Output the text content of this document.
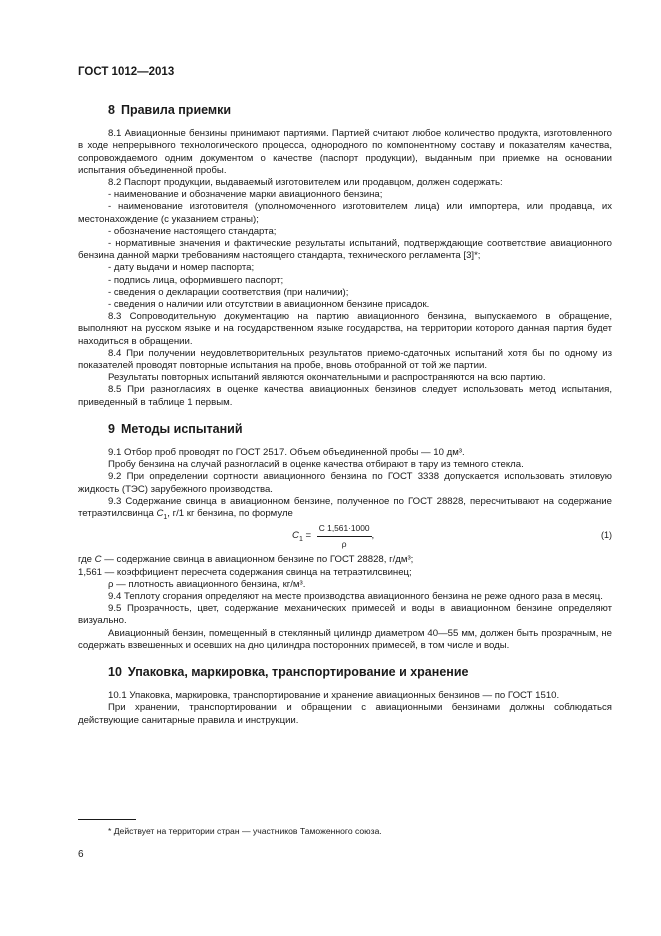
ГОСТ 1012—2013
8 Правила приемки

8.1 Авиационные бензины принимают партиями. Партией считают любое количество продукта, изготовленного в ходе непрерывного технологического процесса, однородного по компонентному составу и показателям качества, сопровождаемого одним документом о качестве (паспорт продукции), выданным при приемке на основании испытания объединенной пробы.

8.2 Паспорт продукции, выдаваемый изготовителем или продавцом, должен содержать:

- наименование и обозначение марки авиационного бензина;

- наименование изготовителя (уполномоченного изготовителем лица) или импортера, или продавца, их местонахождение (с указанием страны);

- обозначение настоящего стандарта;

- нормативные значения и фактические результаты испытаний, подтверждающие соответствие авиационного бензина данной марки требованиям настоящего стандарта, технического регламента [3]*;

- дату выдачи и номер паспорта;

- подпись лица, оформившего паспорт;

- сведения о декларации соответствия (при наличии);

- сведения о наличии или отсутствии в авиационном бензине присадок.

8.3 Сопроводительную документацию на партию авиационного бензина, выпускаемого в обращение, выполняют на русском языке и на государственном языке государства, на территории которого данная партия будет находиться в обращении.

8.4 При получении неудовлетворительных результатов приемо-сдаточных испытаний хотя бы по одному из показателей проводят повторные испытания на пробе, вновь отобранной от той же партии.

Результаты повторных испытаний являются окончательными и распространяются на всю партию.

8.5 При разногласиях в оценке качества авиационных бензинов следует использовать метод испытания, приведенный в таблице 1 первым.

9 Методы испытаний

9.1 Отбор проб проводят по ГОСТ 2517. Объем объединенной пробы — 10 дм³.

Пробу бензина на случай разногласий в оценке качества отбирают в тару из темного стекла.

9.2 При определении сортности авиационного бензина по ГОСТ 3338 допускается использовать этиловую жидкость (ТЭС) зарубежного производства.

9.3 Содержание свинца в авиационном бензине, полученное по ГОСТ 28828, пересчитывают на содержание тетраэтилсвинца $C_1$, г/1 кг бензина, по формуле

$C_1 = \frac{C 1,561\cdot 1000}{\rho}$ ,	(1)

где C — содержание свинца в авиационном бензине по ГОСТ 28828, г/дм³;

1,561 — коэффициент пересчета содержания свинца на тетраэтилсвинец;

ρ — плотность авиационного бензина, кг/м³.

9.4 Теплоту сгорания определяют на месте производства авиационного бензина не реже одного раза в месяц.

9.5 Прозрачность, цвет, содержание механических примесей и воды в авиационном бензине определяют визуально.

Авиационный бензин, помещенный в стеклянный цилиндр диаметром 40—55 мм, должен быть прозрачным, не содержать взвешенных и осевших на дно цилиндра посторонних примесей, в том числе и воды.

10 Упаковка, маркировка, транспортирование и хранение

10.1 Упаковка, маркировка, транспортирование и хранение авиационных бензинов — по ГОСТ 1510.

При хранении, транспортировании и обращении с авиационными бензинами должны соблюдаться действующие санитарные правила и инструкции.

* Действует на территории стран — участников Таможенного союза.
6
